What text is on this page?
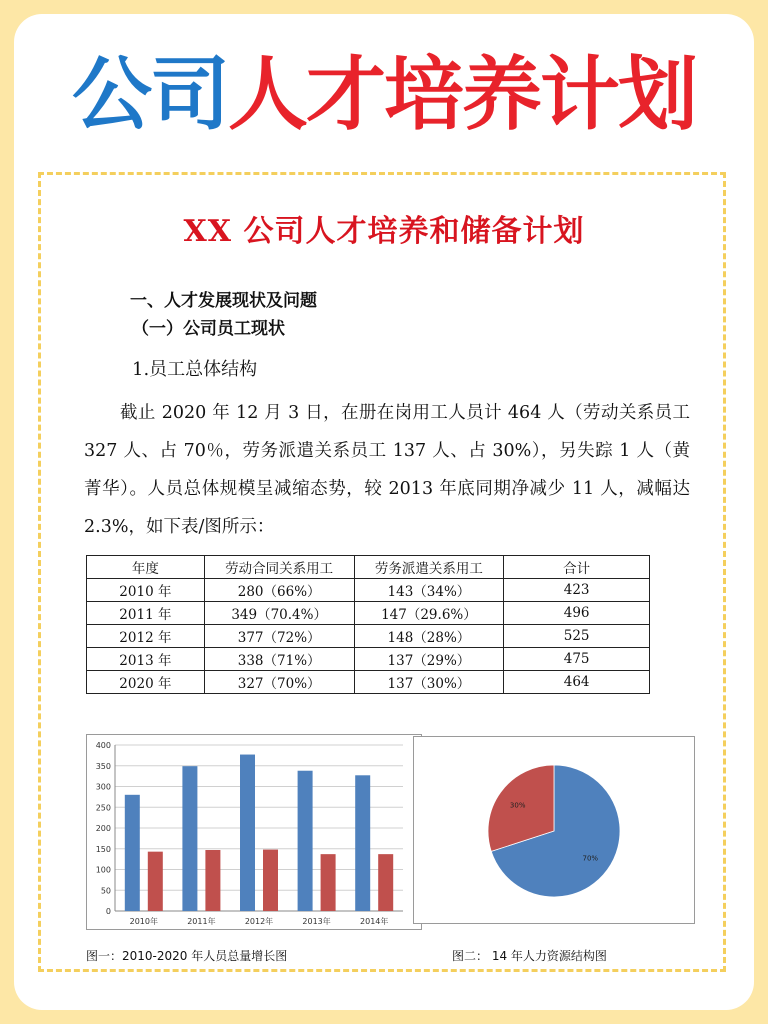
公司人才培养计划
XX 公司人才培养和储备计划
一、人才发展现状及问题
（一）公司员工现状
1.员工总体结构

截止 2020 年 12 月 3 日，在册在岗用工人员计 464 人（劳动关系员工 327 人、占 70％，劳务派遣关系员工 137 人、占 30%），另失踪 1 人（黄菁华）。人员总体规模呈减缩态势，较 2013 年底同期净减少 11 人，减幅达 2.3%，如下表/图所示：

年度	劳动合同关系用工	劳务派遣关系用工	合计
2010 年	280（66%）	143（34%）	423
2011 年	349（70.4%）	147（29.6%）	496
2012 年	377（72%）	148（28%）	525
2013 年	338（71%）	137（29%）	475
2020 年	327（70%）	137（30%）	464
0
50
100
150
200
250
300
350
400
2010年	2011年	2012年	2013年	2014年
70%
30%
图一：2010-2020 年人员总量增长图	图二： 14 年人力资源结构图
